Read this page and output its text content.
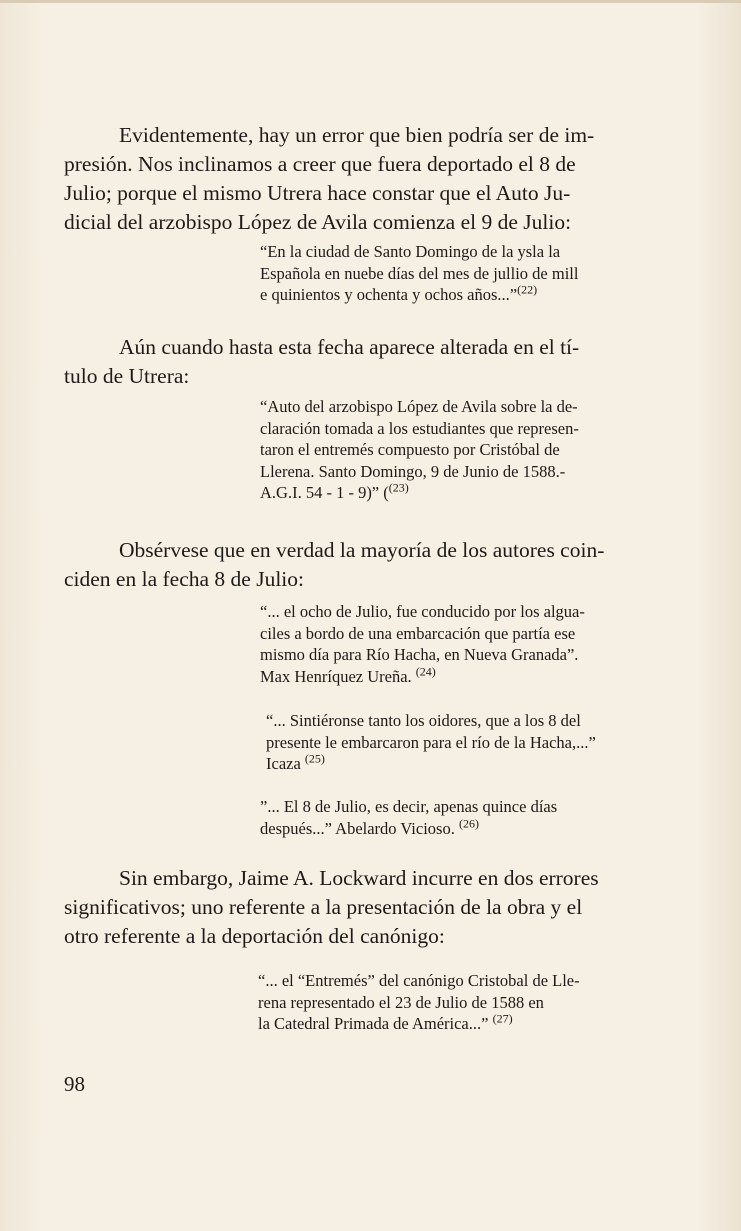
Evidentemente, hay un error que bien podría ser de im-
presión. Nos inclinamos a creer que fuera deportado el 8 de
Julio; porque el mismo Utrera hace constar que el Auto Ju-
dicial del arzobispo López de Avila comienza el 9 de Julio:
“En la ciudad de Santo Domingo de la ysla la
Española en nuebe días del mes de jullio de mill
e quinientos y ochenta y ochos años...”$^{(22)}$
Aún cuando hasta esta fecha aparece alterada en el tí-
tulo de Utrera:
“Auto del arzobispo López de Avila sobre la de-
claración tomada a los estudiantes que represen-
taron el entremés compuesto por Cristóbal de
Llerena. Santo Domingo, 9 de Junio de 1588.-
A.G.I. 54 - 1 - 9)” ($^{(23)}$
Obsérvese que en verdad la mayoría de los autores coin-
ciden en la fecha 8 de Julio:
“... el ocho de Julio, fue conducido por los algua-
ciles a bordo de una embarcación que partía ese
mismo día para Río Hacha, en Nueva Granada”.
Max Henríquez Ureña. $^{(24)}$
“... Sintiéronse tanto los oidores, que a los 8 del
presente le embarcaron para el río de la Hacha,...”
Icaza $^{(25)}$
”... El 8 de Julio, es decir, apenas quince días
después...” Abelardo Vicioso. $^{(26)}$
Sin embargo, Jaime A. Lockward incurre en dos errores
significativos; uno referente a la presentación de la obra y el
otro referente a la deportación del canónigo:
“... el “Entremés” del canónigo Cristobal de Lle-
rena representado el 23 de Julio de 1588 en
la Catedral Primada de América...” $^{(27)}$

98
